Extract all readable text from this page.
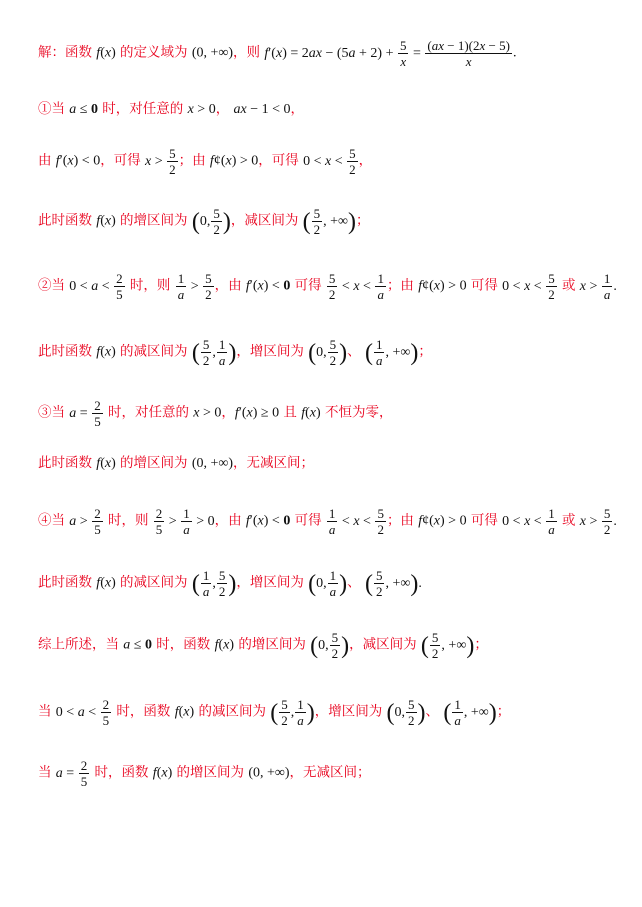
解：函数 f(x) 的定义域为 (0, +∞)，则 $f'(x) = 2ax - (5a + 2) + \frac{5}{x} = \frac{(ax - 1)(2x - 5)}{x}$ .
①当 a ≤ 0 时，对任意的 x > 0， ax − 1 < 0，
由 f′(x) < 0，可得 $x > \frac{5}{2}$ ；由 f¢(x) > 0，可得 $0 < x < \frac{5}{2}$ ，
此时函数 f(x) 的增区间为 (0, $\frac{5}{2}$ )，减区间为 ( $\frac{5}{2}$ , +∞)；
②当 $0 < a < \frac{2}{5}$ 时，则 $\frac{1}{a} > \frac{5}{2}$ ，由 f′(x) < 0 可得 $\frac{5}{2} < x < \frac{1}{a}$ ；由 f¢(x) > 0 可得 $0 < x < \frac{5}{2}$ 或 $x > \frac{1}{a}$ .
此时函数 f(x) 的减区间为 ( $\frac{5}{2}$ , $\frac{1}{a}$ )，增区间为 (0, $\frac{5}{2}$ )、 ( $\frac{1}{a}$ , +∞)；
③当 $a = \frac{2}{5}$ 时，对任意的 x > 0，f′(x) ≥ 0 且 f(x) 不恒为零，
此时函数 f(x) 的增区间为 (0, +∞)，无减区间；
④当 $a > \frac{2}{5}$ 时，则 $\frac{2}{5} > \frac{1}{a} > 0$，由 f′(x) < 0 可得 $\frac{1}{a} < x < \frac{5}{2}$ ；由 f¢(x) > 0 可得 $0 < x < \frac{1}{a}$ 或 $x > \frac{5}{2}$ .
此时函数 f(x) 的减区间为 ( $\frac{1}{a}$ , $\frac{5}{2}$ )，增区间为 (0, $\frac{1}{a}$ )、 ( $\frac{5}{2}$ , +∞).
综上所述，当 a ≤ 0 时，函数 f(x) 的增区间为 (0, $\frac{5}{2}$ )，减区间为 ( $\frac{5}{2}$ , +∞)；
当 $0 < a < \frac{2}{5}$ 时，函数 f(x) 的减区间为 ( $\frac{5}{2}$ , $\frac{1}{a}$ )，增区间为 (0, $\frac{5}{2}$ )、 ( $\frac{1}{a}$ , +∞)；
当 $a = \frac{2}{5}$ 时，函数 f(x) 的增区间为 (0, +∞)，无减区间；
